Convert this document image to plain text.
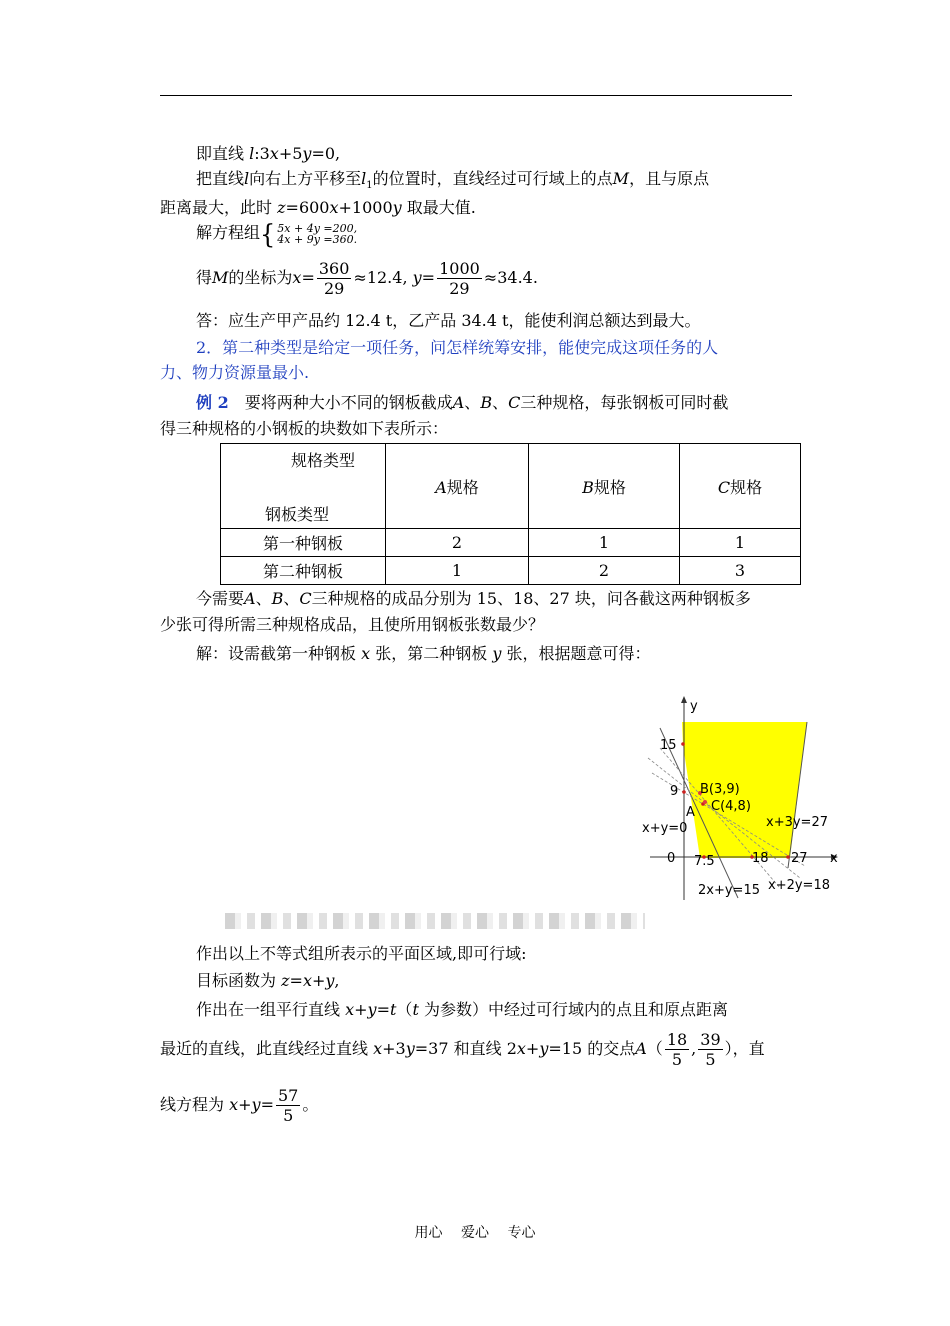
即直线 l:3x+5y=0,
把直线l向右上方平移至$l_1$的位置时，直线经过可行域上的点M，且与原点
距离最大，此时 z=600x+1000y 取最大值.
解方程组{ 5x + 4y =200,
4x + 9y =360.
得M的坐标为$x= \frac{360}{29} \approx 12.4$, $y= \frac{1000}{29} \approx 34.4$.
答：应生产甲产品约 12.4 t，乙产品 34.4 t，能使利润总额达到最大。
2．第二种类型是给定一项任务，问怎样统筹安排，能使完成这项任务的人
力、物力资源量最小.
例 2　要将两种大小不同的钢板截成A、B、C三种规格，每张钢板可同时截
得三种规格的小钢板的块数如下表所示：
规格类型
钢板类型	A规格	B规格	C规格
第一种钢板	2	1	1
第二种钢板	1	2	3
今需要A、B、C三种规格的成品分别为 15、18、27 块，问各截这两种钢板多
少张可得所需三种规格成品，且使所用钢板张数最少？
解：设需截第一种钢板 x 张，第二种钢板 y 张，根据题意可得：
y
x
15
9
0 7.5	18 27
B(3,9)
C(4,8)
A
x+y=0	x+3y=27
2x+y=15 x+2y=18
作出以上不等式组所表示的平面区域,即可行域:
目标函数为 z=x+y,
作出在一组平行直线 x+y=t（t 为参数）中经过可行域内的点且和原点距离
最近的直线，此直线经过直线 x+3y=37 和直线 2x+y=15 的交点$A( \frac{18}{5}$ , $\frac{39}{5}$ ），直
线方程为 $x+y= \frac{57}{5}$ 。
用心 爱心 专心
